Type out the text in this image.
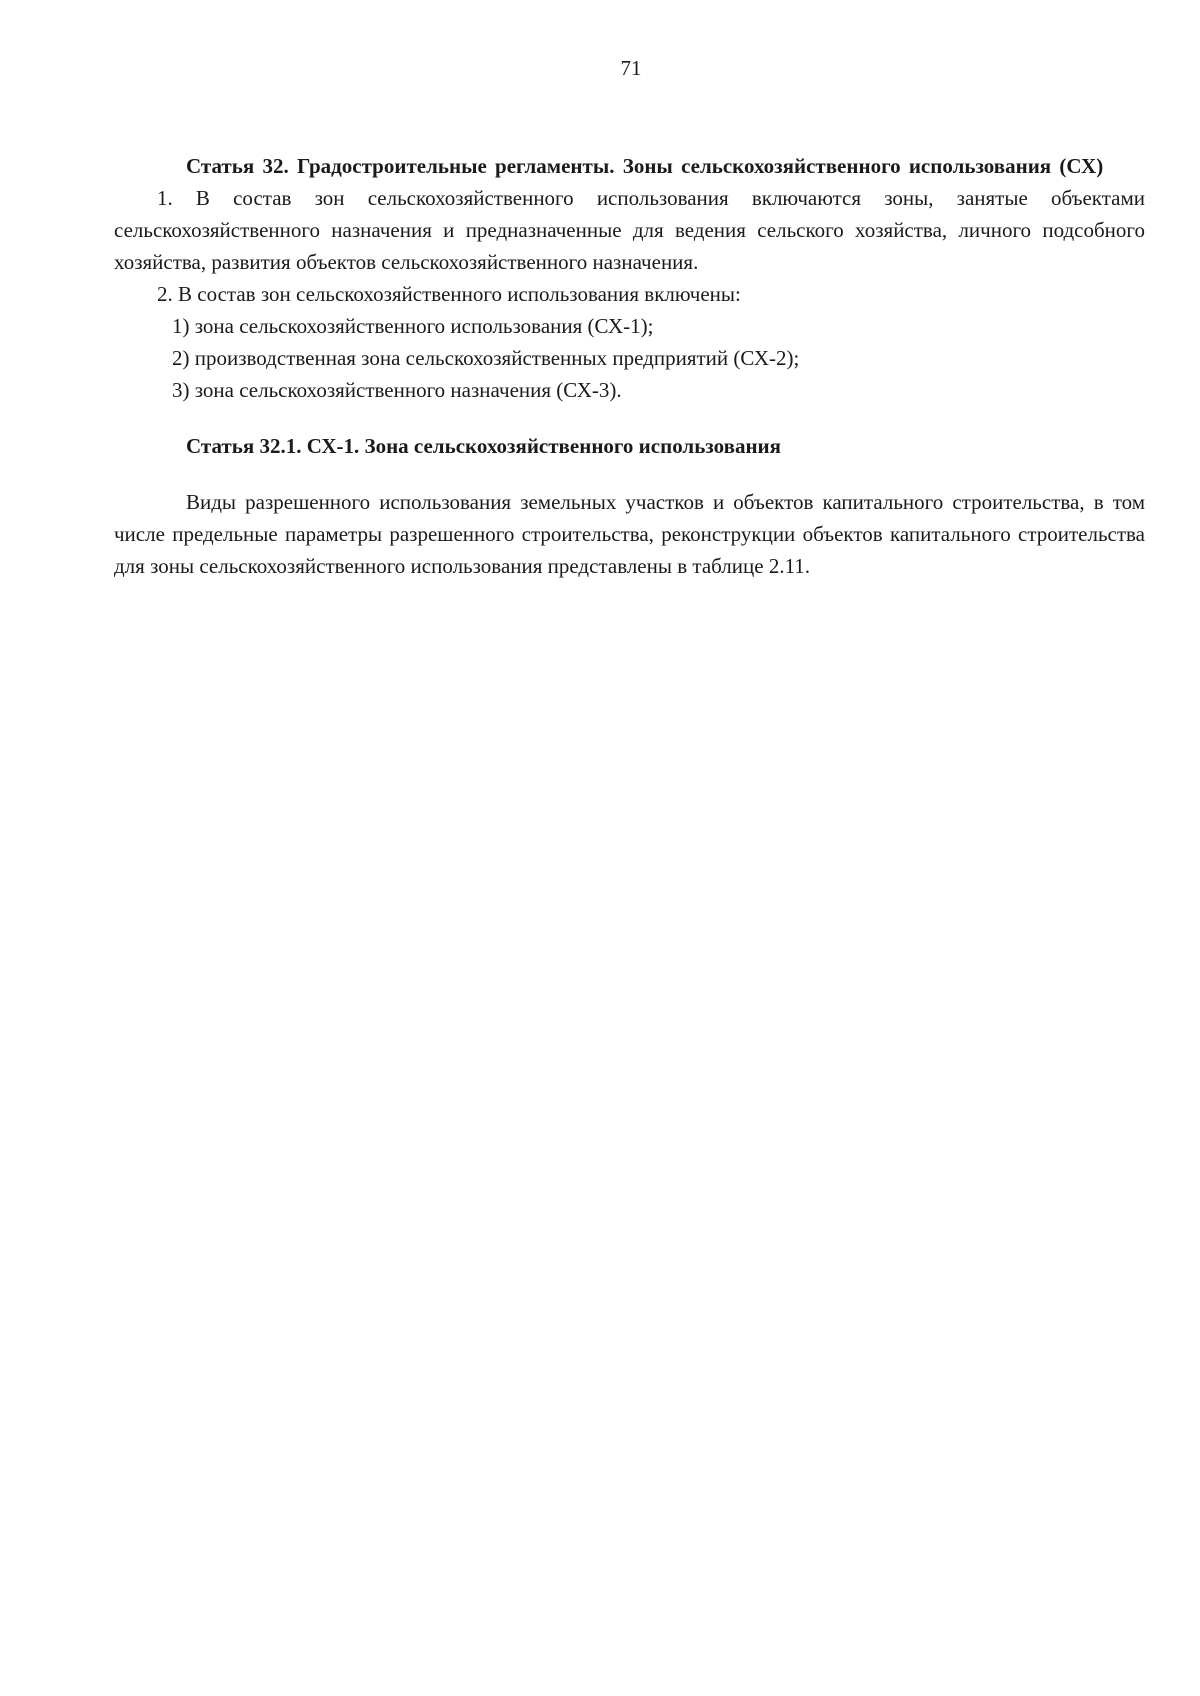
71

Статья 32. Градостроительные регламенты. Зоны сельскохозяйственного использования (СХ)

1. В состав зон сельскохозяйственного использования включаются зоны, занятые объектами сельскохозяйственного назначения и предназначенные для ведения сельского хозяйства, личного подсобного хозяйства, развития объектов сельскохозяйственного назначения.

2. В состав зон сельскохозяйственного использования включены:

1) зона сельскохозяйственного использования (СХ-1);

2) производственная зона сельскохозяйственных предприятий (СХ-2);

3) зона сельскохозяйственного назначения (СХ-3).

Статья 32.1. СХ-1. Зона сельскохозяйственного использования

Виды разрешенного использования земельных участков и объектов капитального строительства, в том числе предельные параметры разрешенного строительства, реконструкции объектов капитального строительства для зоны сельскохозяйственного использования представлены в таблице 2.11.
